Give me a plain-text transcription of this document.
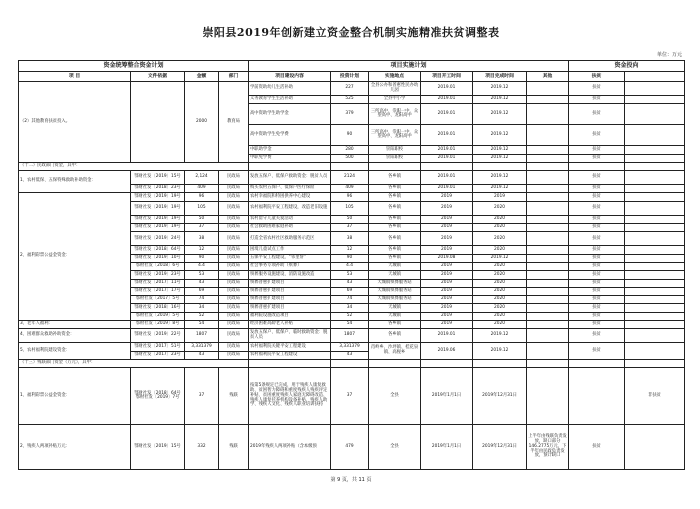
崇阳县2019年创新建立资金整合机制实施精准扶贫调整表
单位：万元
资金统筹整合资金计划				项目实施计划						资金投向	
项 目	文件依据	金额	部门	项目建设内容	投资计划	实施地点	项目开工时间	项目完成时间	其他	扶贫	
（2）其他教育扶贫投入。		2000	教育局	学前资助幼儿生活补助	227	全县公办和普惠性民办幼儿园	2019.01	2019.12		扶贫	
				义务教育学生生活补助	525	全县中小学	2019.01	2019.12		扶贫	
				高中资助学生助学金	379	三所高中、崇职一中、众望高中、龙阳高中	2019.01	2019.12		扶贫	
				高中资助学生免学费	90	三所高中、崇职一中、众望高中、龙阳高中	2019.01	2019.12		扶贫	
				中职助学金	280	崇阳职校	2019.01	2019.12		扶贫	
				中职免学费	500	崇阳职校	2019.01	2019.12		扶贫	
（十二）民政部门资金，其中：											
1、农村低保、五保特殊救助补助资金：	鄂财社发〔2019〕15号	2,124	民政局	发放五保户、低保户救助资金：脱贫人员	2124	各乡镇	2019.01	2019.12		扶贫	
	鄂财社发〔2018〕23号	409	民政局	购买农村五保户、低保户医疗保险	409	各乡镇	2019.01	2019.12		扶贫	
2、福利彩票公益金资金：	鄂财社发〔2019〕19号	96	民政局	农村幸福院和特困供养中心建设	96	各乡镇	2019	2019		扶贫	
	鄂财社发〔2019〕19号	105	民政局	农村福利院平安工程建设，改造老旧设施	105	各乡镇	2019	2020		扶贫	
	鄂财社发〔2019〕19号	50	民政局	农村留守儿童关爱活动	50	各乡镇	2019	2020		扶贫	
	鄂财社发〔2019〕19号	37	民政局	社会救助困难家庭补助	37	各乡镇	2019	2020		扶贫	
	鄂财社发〔2019〕24号	38	民政局	打造全省农村社区救助服务示范区	38	各乡镇	2019	2020		扶贫	
	鄂财社发〔2018〕64号	12	民政局	困境儿童试点工作	12	各乡镇	2019	2020		扶贫	
	鄂财社发〔2019〕10号	90	民政局	五保平安工程建设，“邻里帮”	90	各乡镇	2019.08	2019.12		扶贫	
	鄂财社发〔2018〕6号	4.4	民政局	社会事务专项补助（殡葬）	4.4	天城镇	2019	2020		扶贫	
	鄂财社发〔2019〕23号	53	民政局	殡葬服务设施建设、消防设施改造	53	天城镇	2019	2020		扶贫	
	鄂财社发〔2017〕11号	43	民政局	殡葬普惠扩建项目	43	天城镇殡葬服务站	2019	2020		扶贫	
	鄂财社发〔2017〕17号	69	民政局	殡葬普惠扩建项目	69	天城镇殡葬服务站	2019	2020		扶贫	
	鄂财社发〔2017〕5号	74	民政局	殡葬普惠扩建项目	74	天城镇殡葬服务站	2019	2020		扶贫	
	鄂财社发〔2018〕16号	34	民政局	殡葬普惠扩建项目	34	天城镇	2019	2020		扶贫	
	鄂财社发〔2019〕5号	52	民政局	福利院设施改造项目	52	天城镇	2019	2020		扶贫	
3、老年人福利：	鄂财社发〔2019〕8号	54	民政局	经济困难高龄老人补贴	54	各乡镇	2019	2020		扶贫	
4、困难群众救助补助资金：	鄂财社发〔2019〕22号	1807	民政局	发放五保户、低保户、临时救助资金：脱贫人员	1807	各乡镇	2019.01	2019.12		扶贫	
5、农村福利院建设资金：	鄂财社发〔2017〕51号	3,331379	民政局	农村福利院关键平安工程建设	3,331379	肖岭乡、沙坪镇、桂花泉镇、高枧乡	2019.06	2019.12		扶贫	
	鄂财社发〔2017〕23号	43	民政局	农村福利院平安工程建设	43						
（十三）残联部门资金（万元），其中：											
1、福利彩票公益金资金：	鄂财社发〔2018〕64号 鄂财社发〔2019〕7号	37	残联	按第5条规定已完成，用于残疾人康复救助、贫困智力障碍和重度残疾人残疾评定补贴、贫困重度残疾人家庭无障碍改造、残疾人康复托养机构设备补贴、残疾人助学、残疾人文化、残疾人职业培训扶持	37	全县	2019年1月1日	2019年12月31日			非扶贫
2、残疾人两项补贴万元：	鄂财社发〔2019〕15号	332	残联	2019年残疾人两项补贴（含本级预	479	全县	2019年1月1日	2019年12月31日	上半年由残联负责发放，缺口部分146.2775万元，下半年由民政负责发放，预计缺口	扶贫	
第 9 页，共 11 页
